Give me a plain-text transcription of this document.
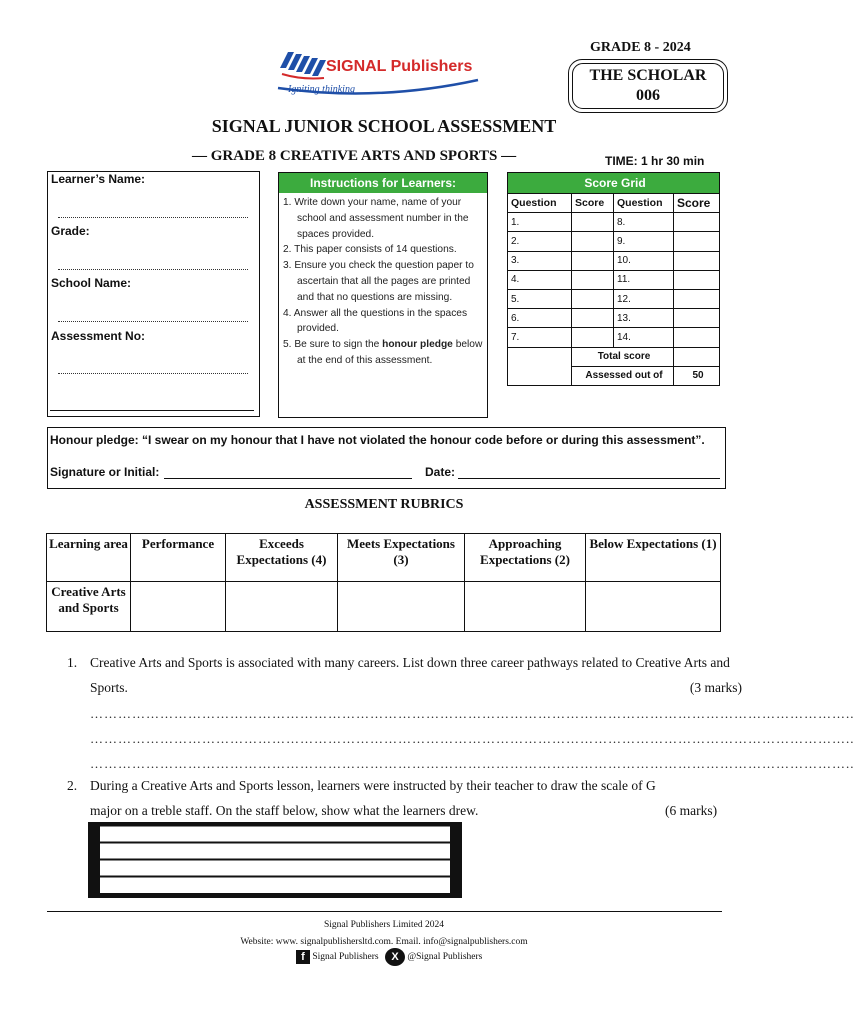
SIGNAL Publishers
Igniting thinking
GRADE 8 - 2024
THE SCHOLAR
006
SIGNAL JUNIOR SCHOOL ASSESSMENT
— GRADE 8 CREATIVE ARTS AND SPORTS —	TIME: 1 hr 30 min
Learner’s Name:
Grade:
School Name:
Assessment No:
Instructions for Learners:
1. Write down your name, name of your school and assessment number in the spaces provided.
2. This paper consists of 14 questions.
3. Ensure you check the question paper to ascertain that all the pages are printed and that no questions are missing.
4. Answer all the questions in the spaces provided.
5. Be sure to sign the honour pledge below at the end of this assessment.
Score Grid			
Question	Score	Question	Score
1.		8.	
2.		9.	
3.		10.	
4.		11.	
5.		12.	
6.		13.	
7.		14.	
	Total score		
	Assessed out of		50
Honour pledge: “I swear on my honour that I have not violated the honour code before or during this assessment”.
Signature or Initial:	Date:
ASSESSMENT RUBRICS
Learning area	Performance	Exceeds Expectations (4)	Meets Expectations (3)	Approaching Expectations (2)	Below Expectations (1)
Creative Arts and Sports					
1. Creative Arts and Sports is associated with many careers. List down three career pathways related to Creative Arts and Sports.	(3 marks)
………………………………………………………………………………………………………………………………………………..
………………………………………………………………………………………………………………………………………………..
………………………………………………………………………………………………………………………………………………..
2. During a Creative Arts and Sports lesson, learners were instructed by their teacher to draw the scale of G major on a treble staff. On the staff below, show what the learners drew.	(6 marks)
Signal Publishers Limited 2024
Website: www. signalpublishersltd.com. Email. info@signalpublishers.com
f Signal Publishers X @Signal Publishers
